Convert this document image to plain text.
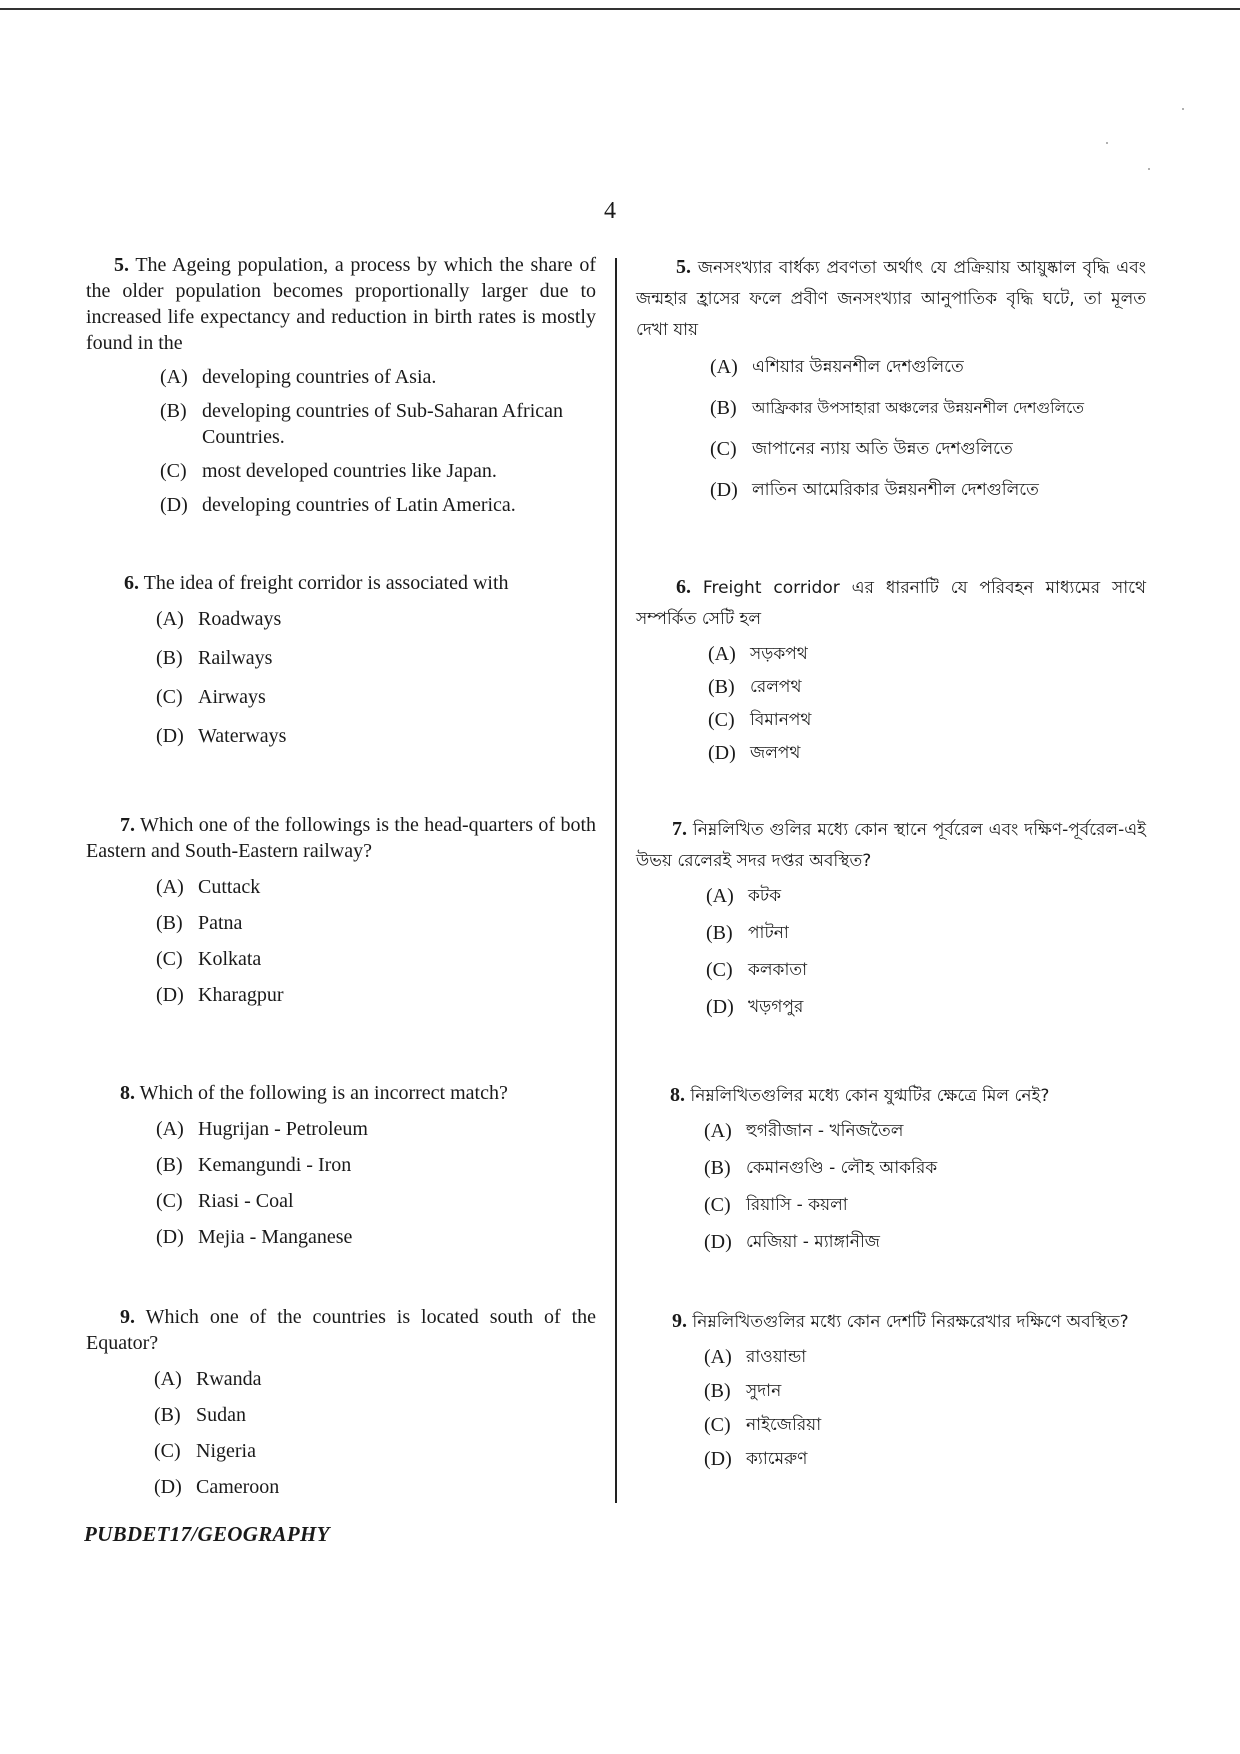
4

5. The Ageing population, a process by which the share of the older population becomes proportionally larger due to increased life expectancy and reduction in birth rates is mostly found in the

(A) developing countries of Asia.
(B) developing countries of Sub-Saharan African Countries.
(C) most developed countries like Japan.
(D) developing countries of Latin America.

6. The idea of freight corridor is associated with

(A) Roadways
(B) Railways
(C) Airways
(D) Waterways

7. Which one of the followings is the head-quarters of both Eastern and South-Eastern railway?

(A) Cuttack
(B) Patna
(C) Kolkata
(D) Kharagpur

8. Which of the following is an incorrect match?

(A) Hugrijan - Petroleum
(B) Kemangundi - Iron
(C) Riasi - Coal
(D) Mejia - Manganese

9. Which one of the countries is located south of the Equator?

(A) Rwanda
(B) Sudan
(C) Nigeria
(D) Cameroon

5. জনসংখ্যার বার্ধক্য প্রবণতা অর্থাৎ যে প্রক্রিয়ায় আয়ুষ্কাল বৃদ্ধি এবং জন্মহার হ্রাসের ফলে প্রবীণ জনসংখ্যার আনুপাতিক বৃদ্ধি ঘটে, তা মূলত দেখা যায়

(A) এশিয়ার উন্নয়নশীল দেশগুলিতে
(B) আফ্রিকার উপসাহারা অঞ্চলের উন্নয়নশীল দেশগুলিতে
(C) জাপানের ন্যায় অতি উন্নত দেশগুলিতে
(D) লাতিন আমেরিকার উন্নয়নশীল দেশগুলিতে

6. Freight corridor এর ধারনাটি যে পরিবহন মাধ্যমের সাথে সম্পর্কিত সেটি হল

(A) সড়কপথ
(B) রেলপথ
(C) বিমানপথ
(D) জলপথ

7. নিম্নলিখিত গুলির মধ্যে কোন স্থানে পূর্বরেল এবং দক্ষিণ-পূর্বরেল-এই উভয় রেলেরই সদর দপ্তর অবস্থিত?

(A) কটক
(B) পাটনা
(C) কলকাতা
(D) খড়গপুর

8. নিম্নলিখিতগুলির মধ্যে কোন যুগ্মটির ক্ষেত্রে মিল নেই?

(A) হুগরীজান - খনিজতৈল
(B) কেমানগুণ্ডি - লৌহ আকরিক
(C) রিয়াসি - কয়লা
(D) মেজিয়া - ম্যাঙ্গানীজ

9. নিম্নলিখিতগুলির মধ্যে কোন দেশটি নিরক্ষরেখার দক্ষিণে অবস্থিত?

(A) রাওয়ান্ডা
(B) সুদান
(C) নাইজেরিয়া
(D) ক্যামেরুণ
PUBDET17/GEOGRAPHY
